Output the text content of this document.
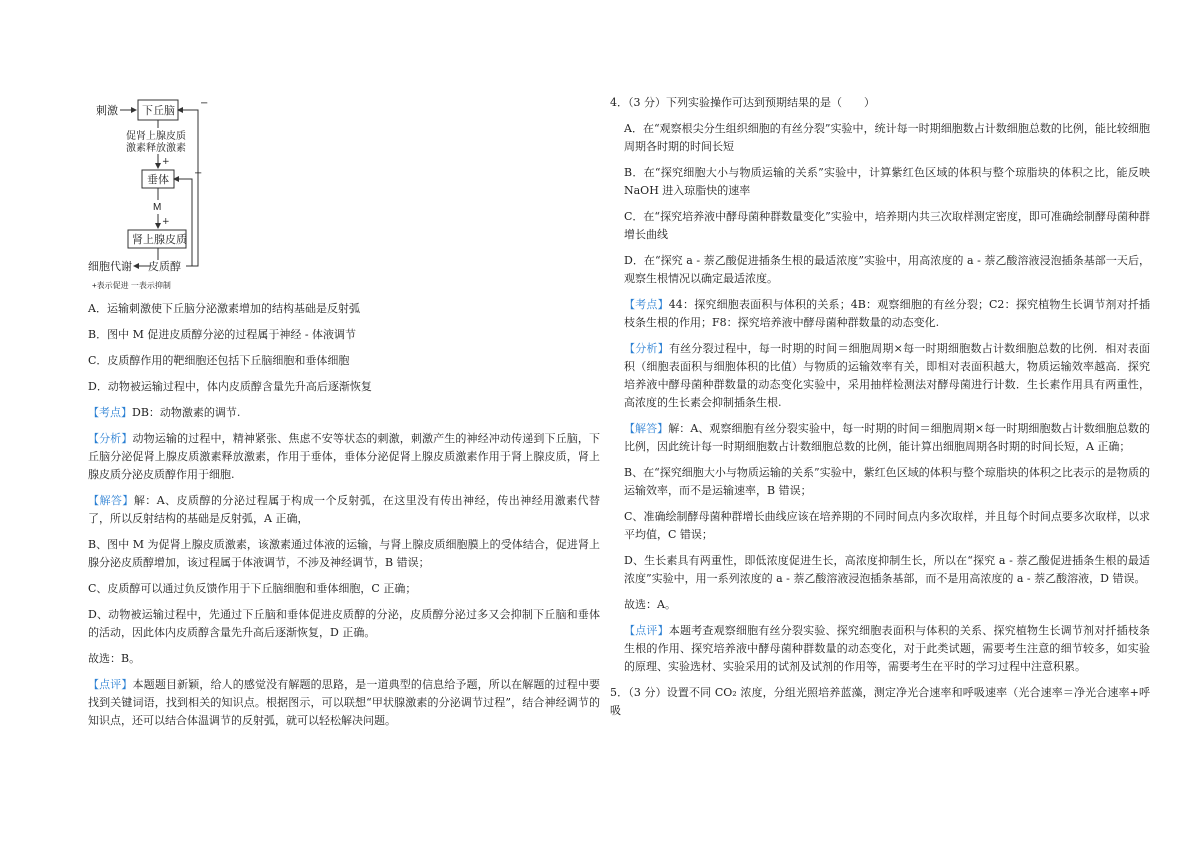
刺激 下丘脑
促肾上腺皮质
激素释放激素
+
垂体
M
+
肾上腺皮质
细胞代谢 皮质醇
−
−
+表示促进 一表示抑制

A．运输刺激使下丘脑分泌激素增加的结构基础是反射弧

B．图中 M 促进皮质醇分泌的过程属于神经 - 体液调节

C．皮质醇作用的靶细胞还包括下丘脑细胞和垂体细胞

D．动物被运输过程中，体内皮质醇含量先升高后逐渐恢复

【考点】DB：动物激素的调节.

【分析】动物运输的过程中，精神紧张、焦虑不安等状态的刺激，刺激产生的神经冲动传递到下丘脑，下丘脑分泌促肾上腺皮质激素释放激素，作用于垂体，垂体分泌促肾上腺皮质激素作用于肾上腺皮质，肾上腺皮质分泌皮质醇作用于细胞.

【解答】解：A、皮质醇的分泌过程属于构成一个反射弧，在这里没有传出神经，传出神经用激素代替了，所以反射结构的基础是反射弧，A 正确，

B、图中 M 为促肾上腺皮质激素，该激素通过体液的运输，与肾上腺皮质细胞膜上的受体结合，促进肾上腺分泌皮质醇增加，该过程属于体液调节，不涉及神经调节，B 错误；

C、皮质醇可以通过负反馈作用于下丘脑细胞和垂体细胞，C 正确；

D、动物被运输过程中，先通过下丘脑和垂体促进皮质醇的分泌，皮质醇分泌过多又会抑制下丘脑和垂体的活动，因此体内皮质醇含量先升高后逐渐恢复，D 正确。

故选：B。

【点评】本题题目新颖，给人的感觉没有解题的思路，是一道典型的信息给予题，所以在解题的过程中要找到关键词语，找到相关的知识点。根据图示，可以联想“甲状腺激素的分泌调节过程”，结合神经调节的知识点，还可以结合体温调节的反射弧，就可以轻松解决问题。

4．（3 分）下列实验操作可达到预期结果的是（　　）

A．在“观察根尖分生组织细胞的有丝分裂”实验中，统计每一时期细胞数占计数细胞总数的比例，能比较细胞周期各时期的时间长短

B．在“探究细胞大小与物质运输的关系”实验中，计算紫红色区域的体积与整个琼脂块的体积之比，能反映 NaOH 进入琼脂快的速率

C．在“探究培养液中酵母菌种群数量变化”实验中，培养期内共三次取样测定密度，即可准确绘制酵母菌种群增长曲线

D．在“探究 a - 萘乙酸促进插条生根的最适浓度”实验中，用高浓度的 a - 萘乙酸溶液浸泡插条基部一天后，观察生根情况以确定最适浓度。

【考点】44：探究细胞表面积与体积的关系；4B：观察细胞的有丝分裂；C2：探究植物生长调节剂对扦插枝条生根的作用；F8：探究培养液中酵母菌种群数量的动态变化.

【分析】有丝分裂过程中，每一时期的时间＝细胞周期×每一时期细胞数占计数细胞总数的比例．相对表面积（细胞表面积与细胞体积的比值）与物质的运输效率有关，即相对表面积越大，物质运输效率越高．探究培养液中酵母菌种群数量的动态变化实验中，采用抽样检测法对酵母菌进行计数．生长素作用具有两重性，高浓度的生长素会抑制插条生根.

【解答】解：A、观察细胞有丝分裂实验中，每一时期的时间＝细胞周期×每一时期细胞数占计数细胞总数的比例，因此统计每一时期细胞数占计数细胞总数的比例，能计算出细胞周期各时期的时间长短，A 正确；

B、在“探究细胞大小与物质运输的关系”实验中，紫红色区域的体积与整个琼脂块的体积之比表示的是物质的运输效率，而不是运输速率，B 错误；

C、准确绘制酵母菌种群增长曲线应该在培养期的不同时间点内多次取样，并且每个时间点要多次取样，以求平均值，C 错误；

D、生长素具有两重性，即低浓度促进生长，高浓度抑制生长，所以在“探究 a - 萘乙酸促进插条生根的最适浓度”实验中，用一系列浓度的 a - 萘乙酸溶液浸泡插条基部，而不是用高浓度的 a - 萘乙酸溶液，D 错误。

故选：A。

【点评】本题考查观察细胞有丝分裂实验、探究细胞表面积与体积的关系、探究植物生长调节剂对扦插枝条生根的作用、探究培养液中酵母菌种群数量的动态变化，对于此类试题，需要考生注意的细节较多，如实验的原理、实验选材、实验采用的试剂及试剂的作用等，需要考生在平时的学习过程中注意积累。

5．（3 分）设置不同 CO₂ 浓度，分组光照培养蓝藻，测定净光合速率和呼吸速率（光合速率＝净光合速率+呼吸
